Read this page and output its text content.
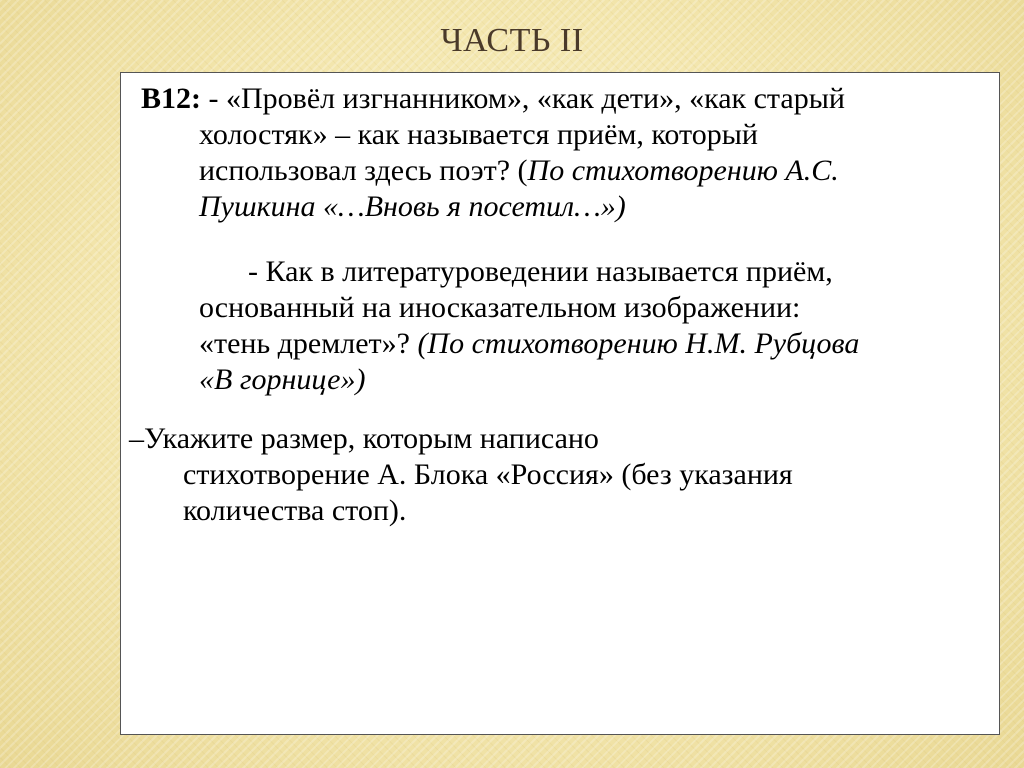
ЧАСТЬ II
В12: - «Провёл изгнанником», «как дети», «как старый
холостяк» – как называется приём, который
использовал здесь поэт? (По стихотворению А.С.
Пушкина «…Вновь я посетил…»)
- Как в литературоведении называется приём,
основанный на иносказательном изображении:
«тень дремлет»? (По стихотворению Н.М. Рубцова
«В горнице»)
–Укажите размер, которым написано
стихотворение А. Блока «Россия» (без указания
количества стоп).
